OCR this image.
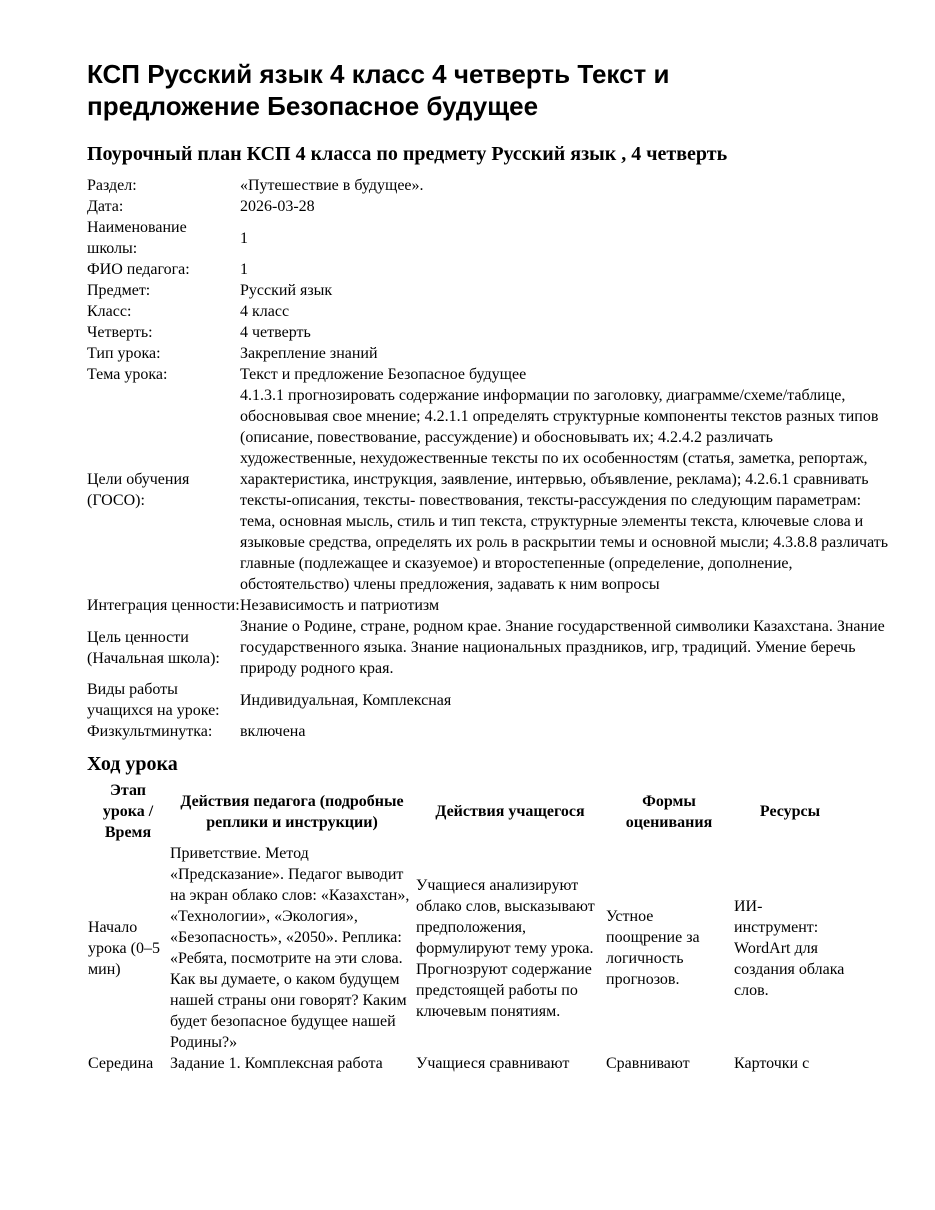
КСП Русский язык 4 класс 4 четверть Текст и предложение Безопасное будущее
Поурочный план КСП 4 класса по предмету Русский язык , 4 четверть
Раздел:	«Путешествие в будущее».
Дата:	2026-03-28
Наименование школы:	1
ФИО педагога:	1
Предмет:	Русский язык
Класс:	4 класс
Четверть:	4 четверть
Тип урока:	Закрепление знаний
Тема урока:	Текст и предложение Безопасное будущее
Цели обучения (ГОСО):	4.1.3.1 прогнозировать содержание информации по заголовку, диаграмме/схеме/таблице, обосновывая свое мнение; 4.2.1.1 определять структурные компоненты текстов разных типов (описание, повествование, рассуждение) и обосновывать их; 4.2.4.2 различать художественные, нехудожественные тексты по их особенностям (статья, заметка, репортаж, характеристика, инструкция, заявление, интервью, объявление, реклама); 4.2.6.1 сравнивать тексты-описания, тексты- повествования, тексты-рассуждения по следующим параметрам: тема, основная мысль, стиль и тип текста, структурные элементы текста, ключевые слова и языковые средства, определять их роль в раскрытии темы и основной мысли; 4.3.8.8 различать главные (подлежащее и сказуемое) и второстепенные (определение, дополнение, обстоятельство) члены предложения, задавать к ним вопросы
Интеграция ценности:	Независимость и патриотизм
Цель ценности (Начальная школа):	Знание о Родине, стране, родном крае. Знание государственной символики Казахстана. Знание государственного языка. Знание национальных праздников, игр, традиций. Умение беречь природу родного края.
Виды работы учащихся на уроке:	Индивидуальная, Комплексная
Физкультминутка:	включена
Ход урока
Этап урока / Время	Действия педагога (подробные реплики и инструкции)	Действия учащегося	Формы оценивания	Ресурсы
Начало урока (0–5 мин)	Приветствие. Метод «Предсказание». Педагог выводит на экран облако слов: «Казахстан», «Технологии», «Экология», «Безопасность», «2050». Реплика: «Ребята, посмотрите на эти слова. Как вы думаете, о каком будущем нашей страны они говорят? Каким будет безопасное будущее нашей Родины?»	Учащиеся анализируют облако слов, высказывают предположения, формулируют тему урока. Прогнозруют содержание предстоящей работы по ключевым понятиям.	Устное поощрение за логичность прогнозов.	ИИ-инструмент: WordArt для создания облака слов.
Середина	Задание 1. Комплексная работа	Учащиеся сравнивают	Сравнивают	Карточки с
